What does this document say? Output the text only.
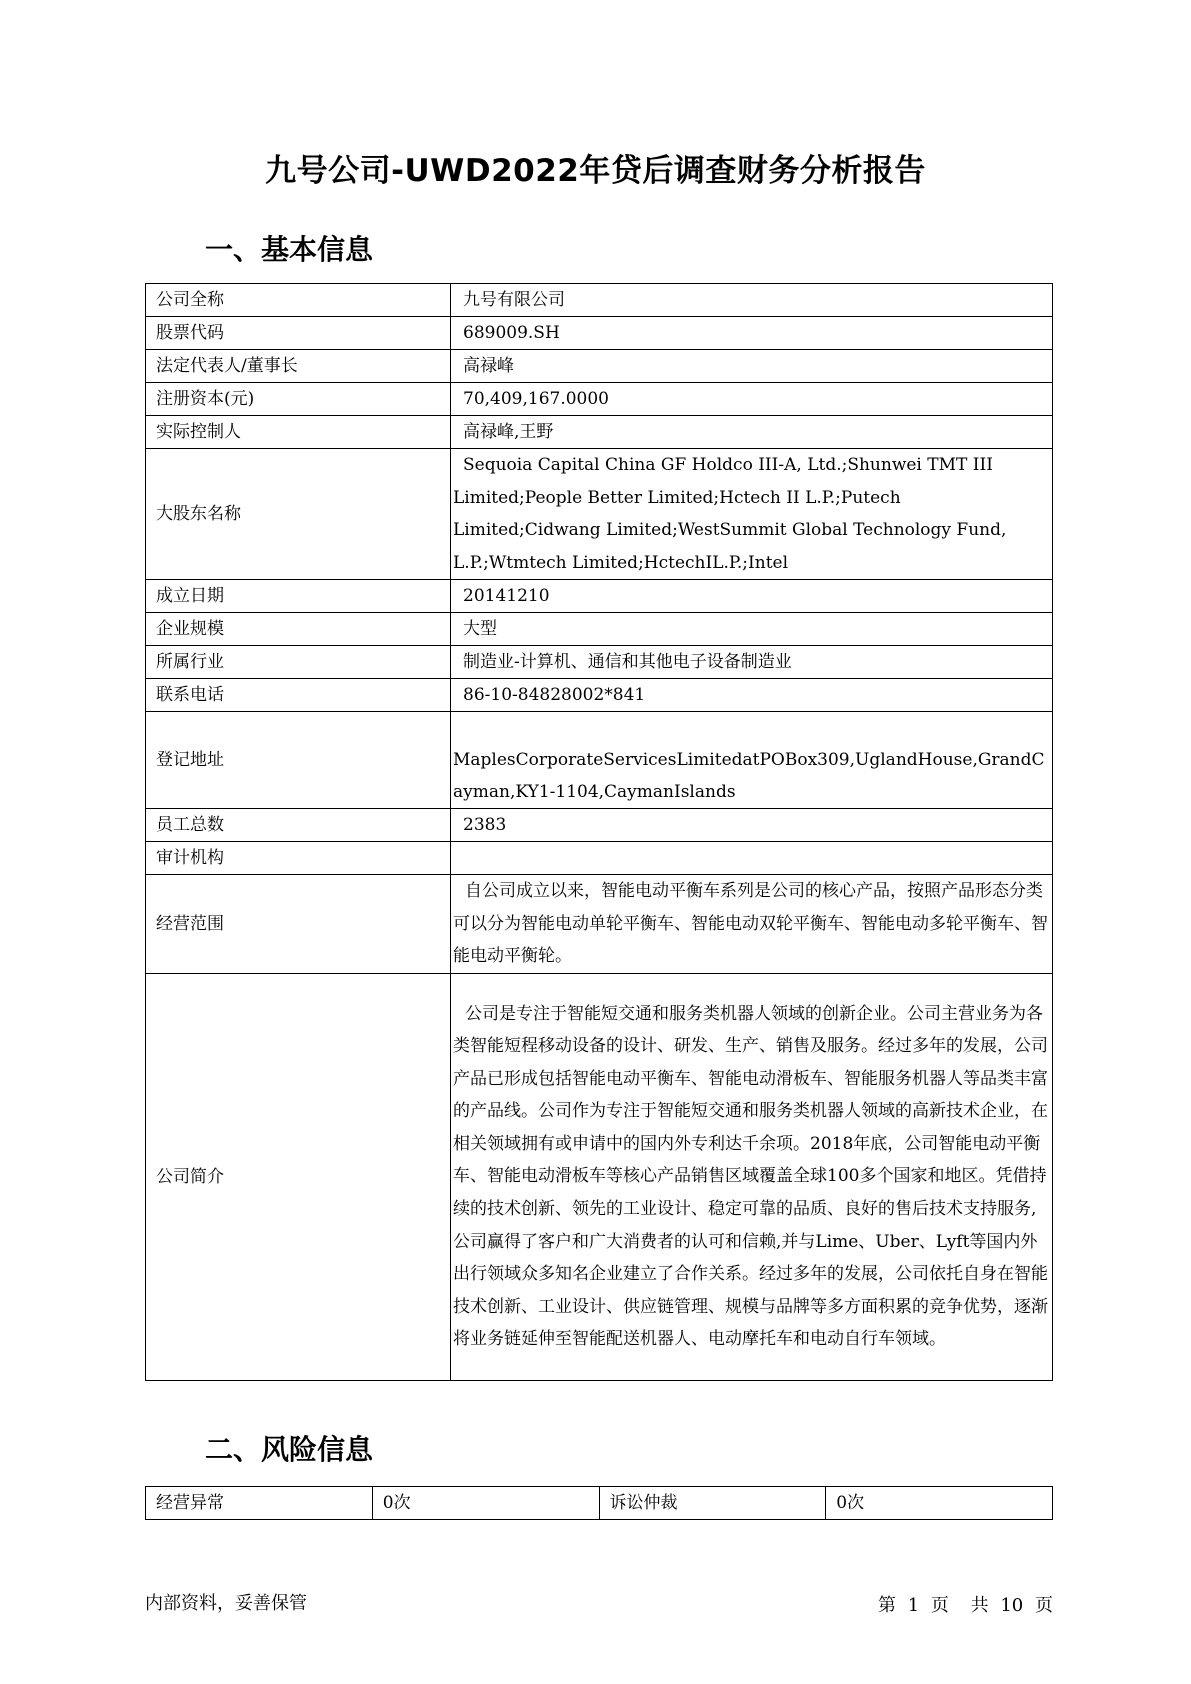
九号公司-UWD2022年贷后调查财务分析报告
一、基本信息
公司全称	九号有限公司
股票代码	689009.SH
法定代表人/董事长	高禄峰
注册资本(元)	70,409,167.0000
实际控制人	高禄峰,王野
大股东名称	Sequoia Capital China GF Holdco III-A, Ltd.;Shunwei TMT III Limited;People Better Limited;Hctech II L.P.;Putech Limited;Cidwang Limited;WestSummit Global Technology Fund, L.P.;Wtmtech Limited;HctechIL.P.;Intel
成立日期	20141210
企业规模	大型
所属行业	制造业-计算机、通信和其他电子设备制造业
联系电话	86-10-84828002*841
登记地址	MaplesCorporateServicesLimitedatPOBox309,UglandHouse,GrandCayman,KY1-1104,CaymanIslands
员工总数	2383
审计机构	
经营范围	自公司成立以来，智能电动平衡车系列是公司的核心产品，按照产品形态分类可以分为智能电动单轮平衡车、智能电动双轮平衡车、智能电动多轮平衡车、智能电动平衡轮。
公司简介	公司是专注于智能短交通和服务类机器人领域的创新企业。公司主营业务为各类智能短程移动设备的设计、研发、生产、销售及服务。经过多年的发展，公司产品已形成包括智能电动平衡车、智能电动滑板车、智能服务机器人等品类丰富的产品线。公司作为专注于智能短交通和服务类机器人领域的高新技术企业，在相关领域拥有或申请中的国内外专利达千余项。2018年底，公司智能电动平衡车、智能电动滑板车等核心产品销售区域覆盖全球100多个国家和地区。凭借持续的技术创新、领先的工业设计、稳定可靠的品质、良好的售后技术支持服务,公司赢得了客户和广大消费者的认可和信赖,并与Lime、Uber、Lyft等国内外出行领域众多知名企业建立了合作关系。经过多年的发展，公司依托自身在智能技术创新、工业设计、供应链管理、规模与品牌等多方面积累的竞争优势，逐渐将业务链延伸至智能配送机器人、电动摩托车和电动自行车领域。
二、风险信息
经营异常	0次	诉讼仲裁	0次
内部资料，妥善保管	第 1 页 共 10 页
